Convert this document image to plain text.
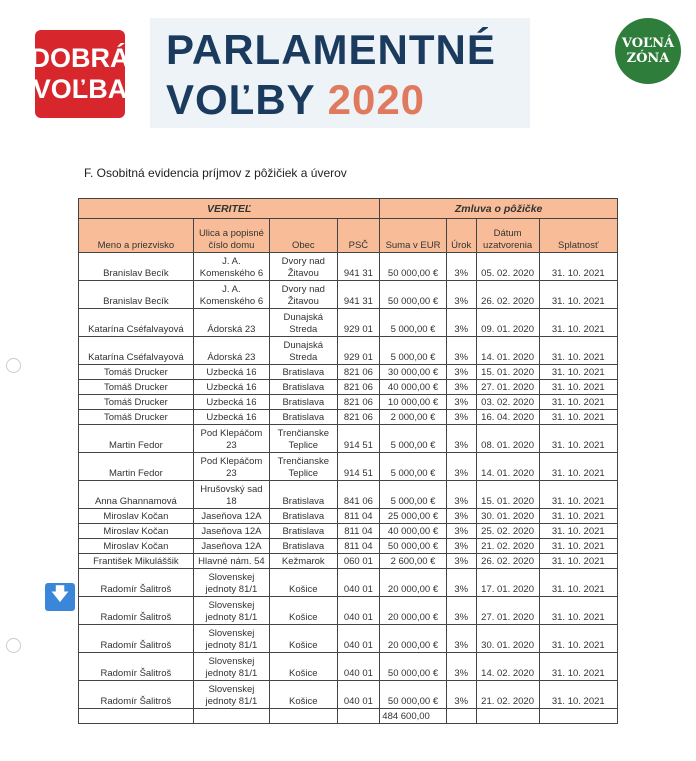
DOBRÁ
VOĽBA
PARLAMENTNÉ
VOĽBY 2020
VOĽNÁ
ZÓNA
F. Osobitná evidencia príjmov z pôžičiek a úverov
VERITEĽ				Zmluva o pôžičke			
Meno a priezvisko	Ulica a popisné číslo domu	Obec	PSČ	Suma v EUR	Úrok	Dátum uzatvorenia	Splatnosť
Branislav Becík	J. A. Komenského 6	Dvory nad Žitavou	941 31	50 000,00 €	3%	05. 02. 2020	31. 10. 2021
Branislav Becík	J. A. Komenského 6	Dvory nad Žitavou	941 31	50 000,00 €	3%	26. 02. 2020	31. 10. 2021
Katarína Cséfalvayová	Ádorská 23	Dunajská Streda	929 01	5 000,00 €	3%	09. 01. 2020	31. 10. 2021
Katarína Cséfalvayová	Ádorská 23	Dunajská Streda	929 01	5 000,00 €	3%	14. 01. 2020	31. 10. 2021
Tomáš Drucker	Uzbecká 16	Bratislava	821 06	30 000,00 €	3%	15. 01. 2020	31. 10. 2021
Tomáš Drucker	Uzbecká 16	Bratislava	821 06	40 000,00 €	3%	27. 01. 2020	31. 10. 2021
Tomáš Drucker	Uzbecká 16	Bratislava	821 06	10 000,00 €	3%	03. 02. 2020	31. 10. 2021
Tomáš Drucker	Uzbecká 16	Bratislava	821 06	2 000,00 €	3%	16. 04. 2020	31. 10. 2021
Martin Fedor	Pod Klepáčom 23	Trenčianske Teplice	914 51	5 000,00 €	3%	08. 01. 2020	31. 10. 2021
Martin Fedor	Pod Klepáčom 23	Trenčianske Teplice	914 51	5 000,00 €	3%	14. 01. 2020	31. 10. 2021
Anna Ghannamová	Hrušovský sad 18	Bratislava	841 06	5 000,00 €	3%	15. 01. 2020	31. 10. 2021
Miroslav Kočan	Jaseňova 12A	Bratislava	811 04	25 000,00 €	3%	30. 01. 2020	31. 10. 2021
Miroslav Kočan	Jaseňova 12A	Bratislava	811 04	40 000,00 €	3%	25. 02. 2020	31. 10. 2021
Miroslav Kočan	Jaseňova 12A	Bratislava	811 04	50 000,00 €	3%	21. 02. 2020	31. 10. 2021
František Mikuláššik	Hlavné nám. 54	Kežmarok	060 01	2 600,00 €	3%	26. 02. 2020	31. 10. 2021
Radomír Šalitroš	Slovenskej jednoty 81/1	Košice	040 01	20 000,00 €	3%	17. 01. 2020	31. 10. 2021
Radomír Šalitroš	Slovenskej jednoty 81/1	Košice	040 01	20 000,00 €	3%	27. 01. 2020	31. 10. 2021
Radomír Šalitroš	Slovenskej jednoty 81/1	Košice	040 01	20 000,00 €	3%	30. 01. 2020	31. 10. 2021
Radomír Šalitroš	Slovenskej jednoty 81/1	Košice	040 01	50 000,00 €	3%	14. 02. 2020	31. 10. 2021
Radomír Šalitroš	Slovenskej jednoty 81/1	Košice	040 01	50 000,00 €	3%	21. 02. 2020	31. 10. 2021
				484 600,00			
🡇
